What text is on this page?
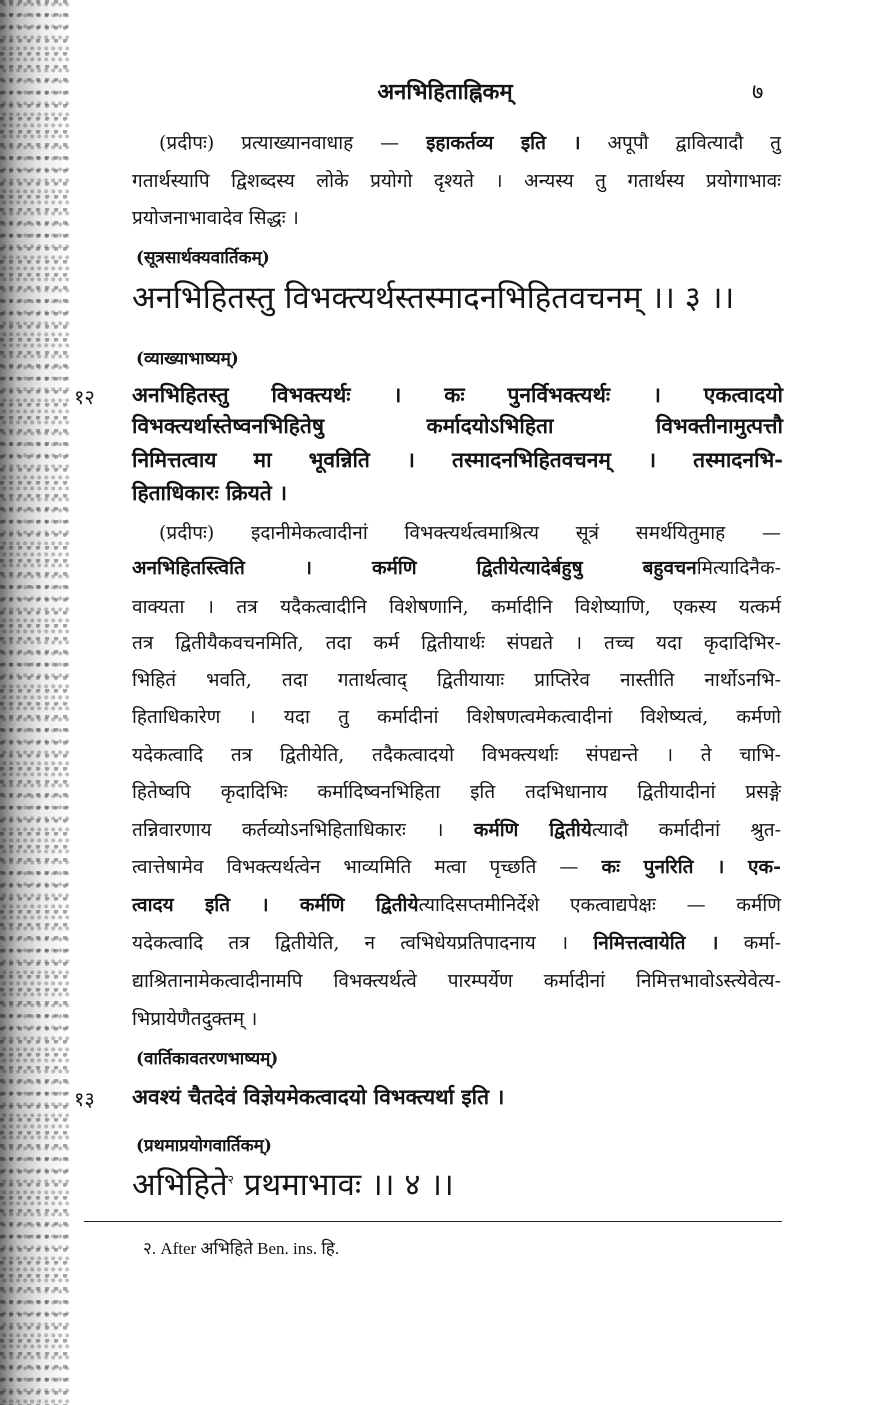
अनभिहिताह्निकम्	७
(प्रदीपः) प्रत्याख्यानवाधाह — इहाकर्तव्य इति । अपूपौ द्वावित्यादौ तु
गतार्थस्यापि द्विशब्दस्य लोके प्रयोगो दृश्यते । अन्यस्य तु गतार्थस्य प्रयोगाभावः
प्रयोजनाभावादेव सिद्धः ।
(सूत्रसार्थक्यवार्तिकम्)
अनभिहितस्तु विभक्त्यर्थस्तस्मादनभिहितवचनम् ।। ३ ।।
(व्याख्याभाष्यम्)
१२ अनभिहितस्तु विभक्त्यर्थः । कः पुनर्विभक्त्यर्थः । एकत्वादयो
विभक्त्यर्थास्तेष्वनभिहितेषु कर्मादयोऽभिहिता विभक्तीनामुत्पत्तौ
निमित्तत्वाय मा भूवन्निति । तस्मादनभिहितवचनम् । तस्मादनभि-
हिताधिकारः क्रियते ।
(प्रदीपः) इदानीमेकत्वादीनां विभक्त्यर्थत्वमाश्रित्य सूत्रं समर्थयितुमाह —
अनभिहितस्त्विति । कर्मणि द्वितीयेत्यादेर्बहुषु बहुवचनमित्यादिनैक-
वाक्यता । तत्र यदैकत्वादीनि विशेषणानि, कर्मादीनि विशेष्याणि, एकस्य यत्कर्म
तत्र द्वितीयैकवचनमिति, तदा कर्म द्वितीयार्थः संपद्यते । तच्च यदा कृदादिभिर-
भिहितं भवति, तदा गतार्थत्वाद् द्वितीयायाः प्राप्तिरेव नास्तीति नार्थोऽनभि-
हिताधिकारेण । यदा तु कर्मादीनां विशेषणत्वमेकत्वादीनां विशेष्यत्वं, कर्मणो
यदेकत्वादि तत्र द्वितीयेति, तदैकत्वादयो विभक्त्यर्थाः संपद्यन्ते । ते चाभि-
हितेष्वपि कृदादिभिः कर्मादिष्वनभिहिता इति तदभिधानाय द्वितीयादीनां प्रसङ्गे
तन्निवारणाय कर्तव्योऽनभिहिताधिकारः । कर्मणि द्वितीयेत्यादौ कर्मादीनां श्रुत-
त्वात्तेषामेव विभक्त्यर्थत्वेन भाव्यमिति मत्वा पृच्छति — कः पुनरिति । एक-
त्वादय इति । कर्मणि द्वितीयेत्यादिसप्तमीनिर्देशे एकत्वाद्यपेक्षः — कर्मणि
यदेकत्वादि तत्र द्वितीयेति, न त्वभिधेयप्रतिपादनाय । निमित्तत्वायेति । कर्मा-
द्याश्रितानामेकत्वादीनामपि विभक्त्यर्थत्वे पारम्पर्येण कर्मादीनां निमित्तभावोऽस्त्येवेत्य-
भिप्रायेणैतदुक्तम् ।
(वार्तिकावतरणभाष्यम्)
१३ अवश्यं चैतदेवं विज्ञेयमेकत्वादयो विभक्त्यर्था इति ।
(प्रथमाप्रयोगवार्तिकम्)
अभिहिते$^२$ प्रथमाभावः ।। ४ ।।
२. After अभिहिते Ben. ins. हि.
